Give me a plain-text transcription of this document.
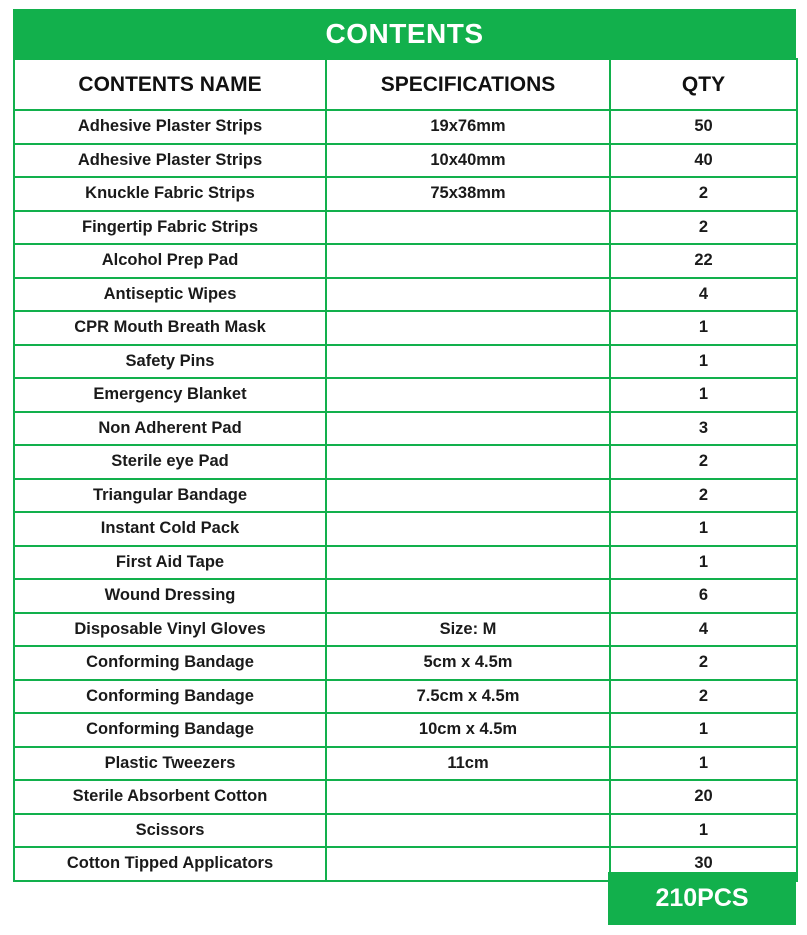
CONTENTS
CONTENTS NAME	SPECIFICATIONS	QTY
Adhesive Plaster Strips	19x76mm	50
Adhesive Plaster Strips	10x40mm	40
Knuckle Fabric Strips	75x38mm	2
Fingertip Fabric Strips		2
Alcohol Prep Pad		22
Antiseptic Wipes		4
CPR Mouth Breath Mask		1
Safety Pins		1
Emergency Blanket		1
Non Adherent Pad		3
Sterile eye Pad		2
Triangular Bandage		2
Instant Cold Pack		1
First Aid Tape		1
Wound Dressing		6
Disposable Vinyl Gloves	Size: M	4
Conforming Bandage	5cm x 4.5m	2
Conforming Bandage	7.5cm x 4.5m	2
Conforming Bandage	10cm x 4.5m	1
Plastic Tweezers	11cm	1
Sterile Absorbent Cotton		20
Scissors		1
Cotton Tipped Applicators		30
210PCS
